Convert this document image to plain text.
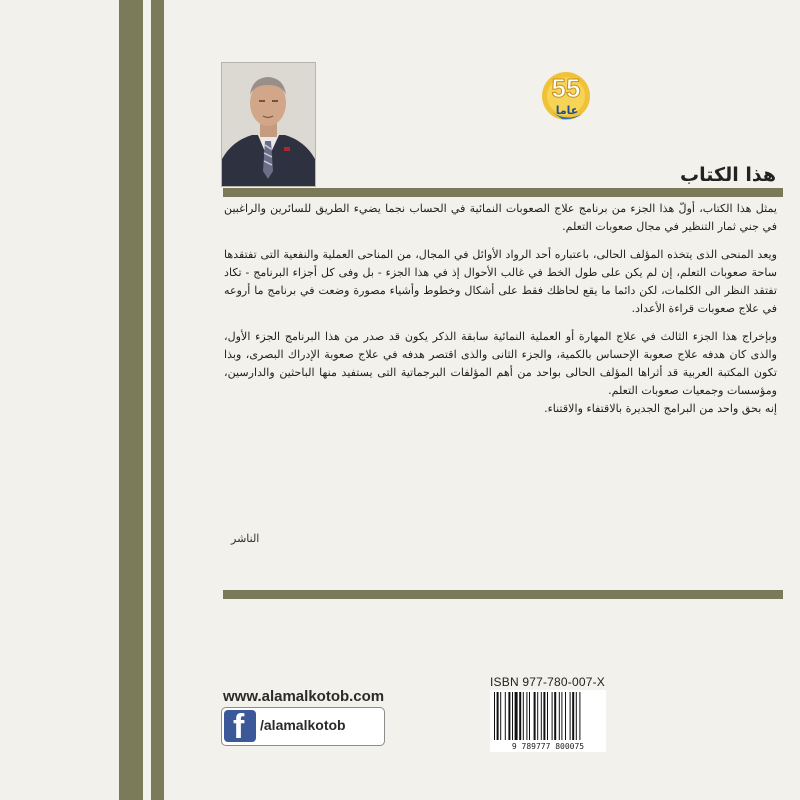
55
عاما
هذا الكتاب

يمثل هذا الكتاب، أولّ هذا الجزء من برنامج علاج الصعوبات النمائية في الحساب نجما يضيء الطريق للسائرين والراغبين في جني ثمار التنظير في مجال صعوبات التعلم.

ويعد المنحى الذى يتخذه المؤلف الحالى، باعتباره أحد الرواد الأوائل في المجال، من المناحى العملية والنفعية التى تفتقدها ساحة صعوبات التعلم، إن لم يكن على طول الخط في غالب الأحوال إذ في هذا الجزء - بل وفى كل أجزاء البرنامج - تكاد تفتقد النظر الى الكلمات، لكن دائما ما يقع لحاظك فقط على أشكال وخطوط وأشياء مصورة وضعت في برنامج ما أروعه في علاج صعوبات قراءة الأعداد.

وبإخراج هذا الجزء الثالث في علاج المهارة أو العملية النمائية سابقة الذكر يكون قد صدر من هذا البرنامج الجزء الأول، والذى كان هدفه علاج صعوبة الإحساس بالكمية، والجزء الثانى والذى اقتصر هدفه في علاج صعوبة الإدراك البصرى، وبذا تكون المكتبة العربية قد أثراها المؤلف الحالى بواحد من أهم المؤلفات البرجماتية التى يستفيد منها الباحثين والدارسين، ومؤسسات وجمعيات صعوبات التعلم.

إنه بحق واحد من البرامج الجديرة بالاقتفاء والاقتناء.

الناشر
www.alamalkotob.com
f /alamalkotob
ISBN 977-780-007-X
9 789777 800075
